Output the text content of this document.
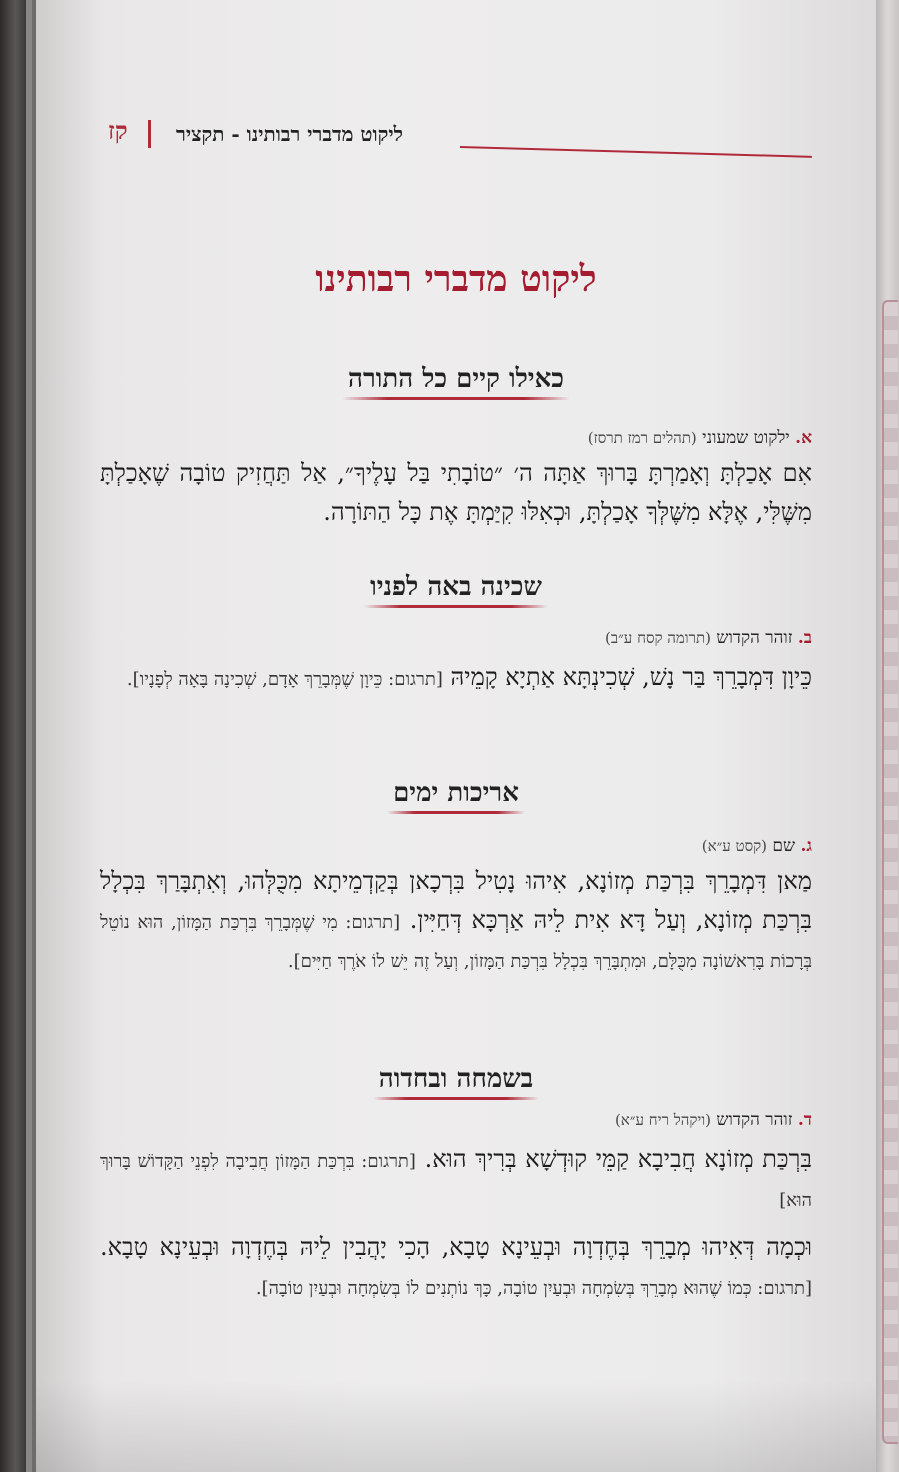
קז ליקוט מדברי רבותינו - תקציר
ליקוט מדברי רבותינו
כאילו קיים כל התורה
א. ילקוט שמעוני (תהלים רמז תרסז)
אִם אָכַלְתָּ וְאָמַרְתָּ בָּרוּךְ אַתָּה ה׳ ״טוֹבָתִי בַּל עָלֶיךָ״, אַל תַּחֲזִיק טוֹבָה שֶׁאָכַלְתָּ מִשֶּׁלִּי, אֶלָּא מִשֶּׁלְּךָ אָכַלְתָּ, וּכְאִלּוּ קִיַּמְתָּ אֶת כָּל הַתּוֹרָה.
שכינה באה לפניו
ב. זוהר הקדוש (תרומה קסח ע״ב)
כֵּיוָן דִּמְבָרֵךְ בַּר נָשׁ, שְׁכִינְתָּא אַתְיָא קָמֵיהּ [תרגום: כֵּיוָן שֶׁמְּבָרֵךְ אָדָם, שְׁכִינָה בָּאָה לְפָנָיו].
אריכות ימים
ג. שם (קסט ע״א)
מַאן דִּמְבָרֵךְ בִּרְכַּת מְזוֹנָא, אִיהוּ נָטִיל בִּרְכָאן בְּקַדְמֵיתָא מִכֻּלְּהוּ, וְאִתְבָּרַךְ בִּכְלָל בִּרְכַּת מְזוֹנָא, וְעַל דָּא אִית לֵיהּ אַרְכָּא דְּחַיִּין. [תרגום: מִי שֶׁמְּבָרֵךְ בִּרְכַּת הַמָּזוֹן, הוּא נוֹטֵל בְּרָכוֹת בָּרִאשׁוֹנָה מִכֻּלָּם, וּמִתְבָּרֵךְ בִּכְלָל בִּרְכַּת הַמָּזוֹן, וְעַל זֶה יֵשׁ לוֹ אֹרֶךְ חַיִּים].
בשמחה ובחדוה
ד. זוהר הקדוש (ויקהל ריח ע״א)
בִּרְכַּת מְזוֹנָא חֲבִיבָא קַמֵּי קוּדְשָׁא בְּרִיךְ הוּא. [תרגום: בִּרְכַּת הַמָּזוֹן חֲבִיבָה לִפְנֵי הַקָּדוֹשׁ בָּרוּךְ הוּא]
וּכְמָה דְּאִיהוּ מְבָרֵךְ בְּחֶדְוָה וּבְעֵינָא טָבָא, הָכִי יָהֲבִין לֵיהּ בְּחֶדְוָה וּבְעֵינָא טָבָא. [תרגום: כְּמוֹ שֶׁהוּא מְבָרֵךְ בְּשִׂמְחָה וּבְעַיִן טוֹבָה, כָּךְ נוֹתְנִים לוֹ בְּשִׂמְחָה וּבְעַיִן טוֹבָה].
